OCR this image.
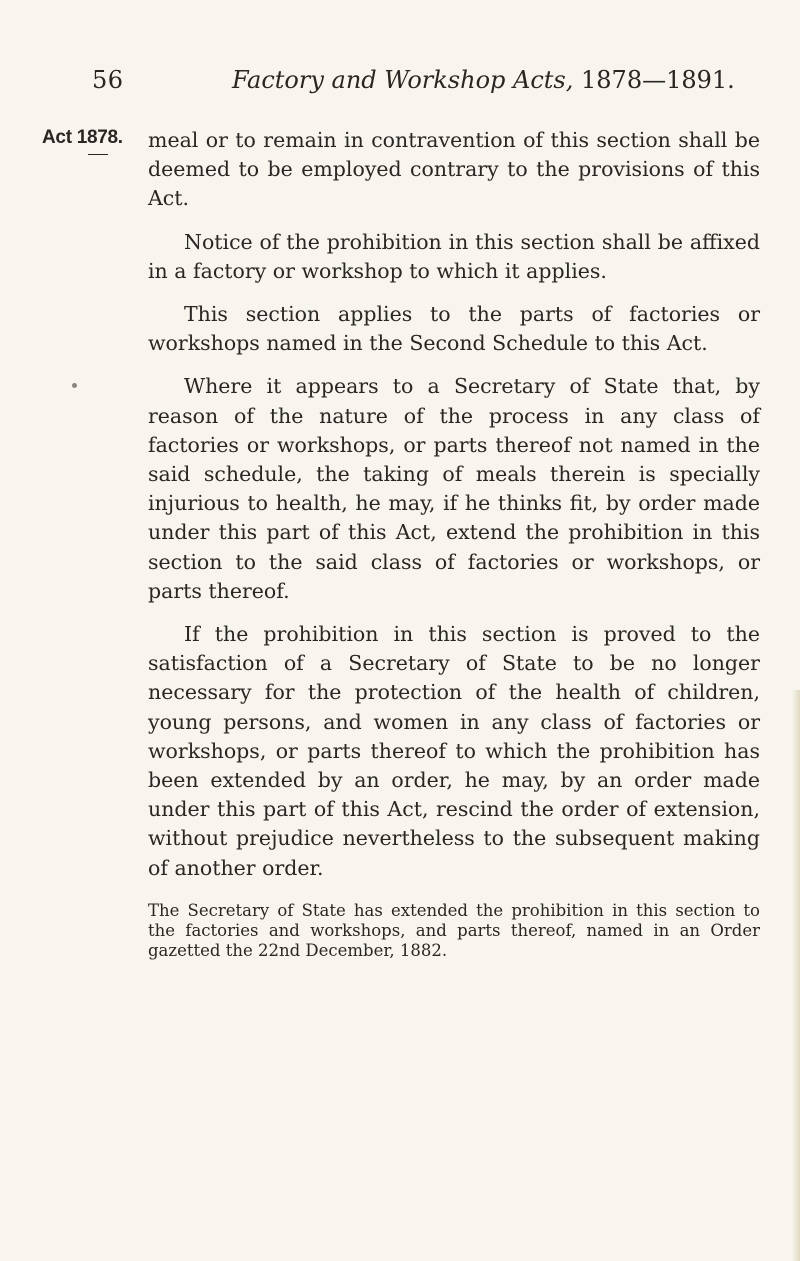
56	Factory and Workshop Acts, 1878—1891.
Act 1878. meal or to remain in contravention of this section shall be deemed to be employed contrary to the provisions of this Act.

Notice of the prohibition in this section shall be affixed in a factory or workshop to which it applies.

This section applies to the parts of factories or workshops named in the Second Schedule to this Act.

Where it appears to a Secretary of State that, by reason of the nature of the process in any class of factories or workshops, or parts thereof not named in the said schedule, the taking of meals therein is specially injurious to health, he may, if he thinks fit, by order made under this part of this Act, extend the prohibition in this section to the said class of factories or workshops, or parts thereof.

If the prohibition in this section is proved to the satisfaction of a Secretary of State to be no longer necessary for the protection of the health of children, young persons, and women in any class of factories or workshops, or parts thereof to which the prohibition has been extended by an order, he may, by an order made under this part of this Act, rescind the order of extension, without prejudice nevertheless to the subsequent making of another order.

The Secretary of State has extended the prohibition in this section to the factories and workshops, and parts thereof, named in an Order gazetted the 22nd December, 1882.
